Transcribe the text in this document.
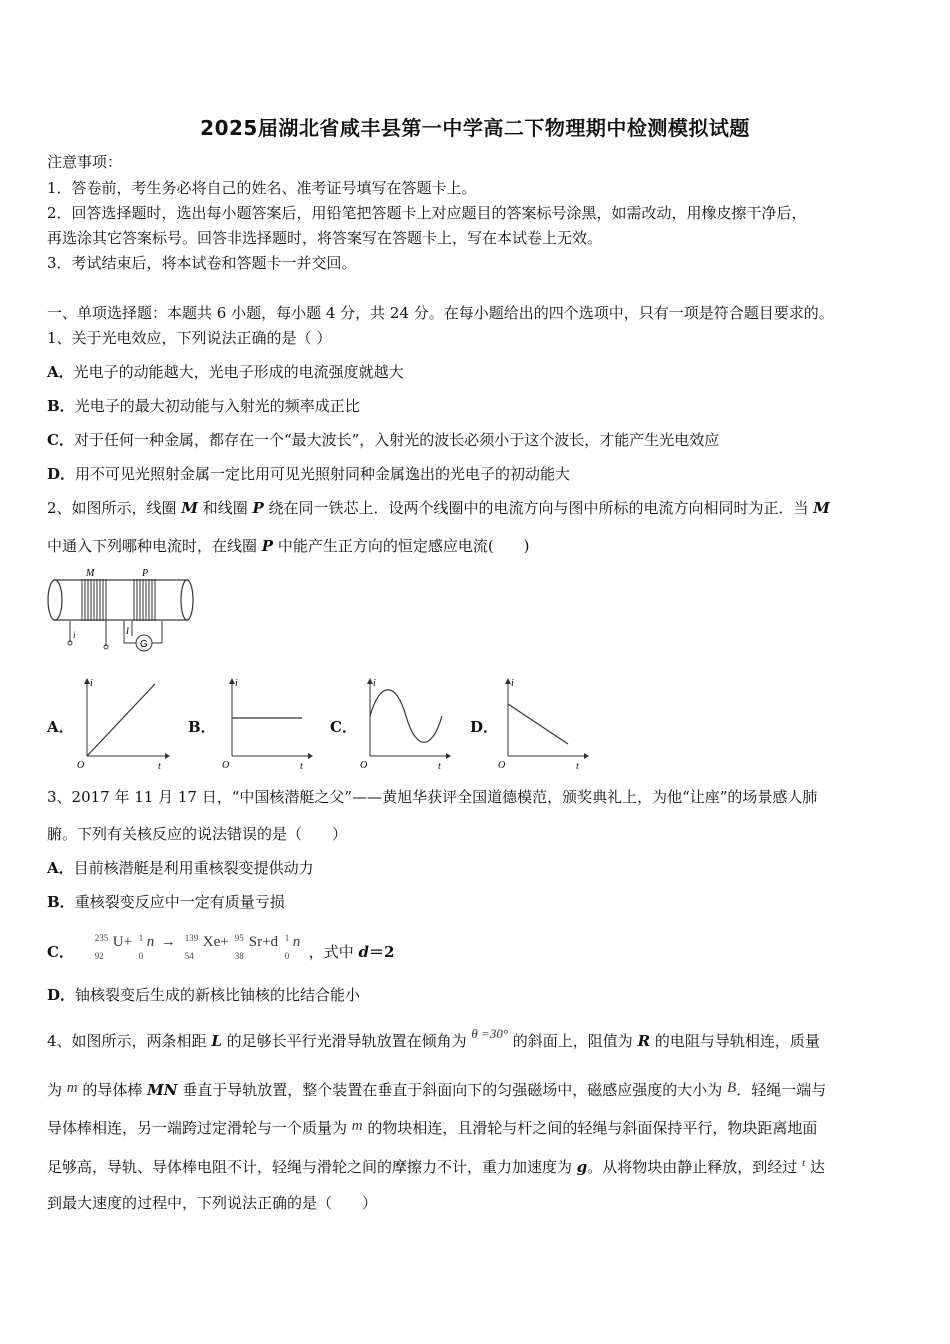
2025届湖北省咸丰县第一中学高二下物理期中检测模拟试题
注意事项：
1．答卷前，考生务必将自己的姓名、准考证号填写在答题卡上。
2．回答选择题时，选出每小题答案后，用铅笔把答题卡上对应题目的答案标号涂黑，如需改动，用橡皮擦干净后，
再选涂其它答案标号。回答非选择题时，将答案写在答题卡上，写在本试卷上无效。
3．考试结束后，将本试卷和答题卡一并交回。
一、单项选择题：本题共 6 小题，每小题 4 分，共 24 分。在每小题给出的四个选项中，只有一项是符合题目要求的。
1、关于光电效应，下列说法正确的是（ ）
A．光电子的动能越大，光电子形成的电流强度就越大
B．光电子的最大初动能与入射光的频率成正比
C．对于任何一种金属，都存在一个“最大波长”，入射光的波长必须小于这个波长，才能产生光电效应
D．用不可见光照射金属一定比用可见光照射同种金属逸出的光电子的初动能大
2、如图所示，线圈 M 和线圈 P 绕在同一铁芯上．设两个线圈中的电流方向与图中所标的电流方向相同时为正．当 M
中通入下列哪种电流时，在线圈 P 中能产生正方向的恒定感应电流(　　)
M	P
i	I
G
A．
i
t
O
B．
i
t
O
C．
i
t
O
D．
i
t
O
3、2017 年 11 月 17 日，“中国核潜艇之父”——黄旭华获评全国道德模范，颁奖典礼上，为他“让座”的场景感人肺
腑。下列有关核反应的说法错误的是（　　）
A．目前核潜艇是利用重核裂变提供动力
B．重核裂变反应中一定有质量亏损
C．
235
92
U+ 1
0
n → 139
54
Xe+ 95
38
Sr+d 1
0
n
，式中 d＝2
D．铀核裂变后生成的新核比铀核的比结合能小
4、如图所示，两条相距 L 的足够长平行光滑导轨放置在倾角为 θ =30° 的斜面上，阻值为 R 的电阻与导轨相连，质量
为 m 的导体棒 MN 垂直于导轨放置，整个装置在垂直于斜面向下的匀强磁场中，磁感应强度的大小为 B．轻绳一端与
导体棒相连，另一端跨过定滑轮与一个质量为 m 的物块相连，且滑轮与杆之间的轻绳与斜面保持平行，物块距离地面
足够高，导轨、导体棒电阻不计，轻绳与滑轮之间的摩擦力不计，重力加速度为 g。从将物块由静止释放，到经过 $^t$ 达
到最大速度的过程中，下列说法正确的是（　　）
